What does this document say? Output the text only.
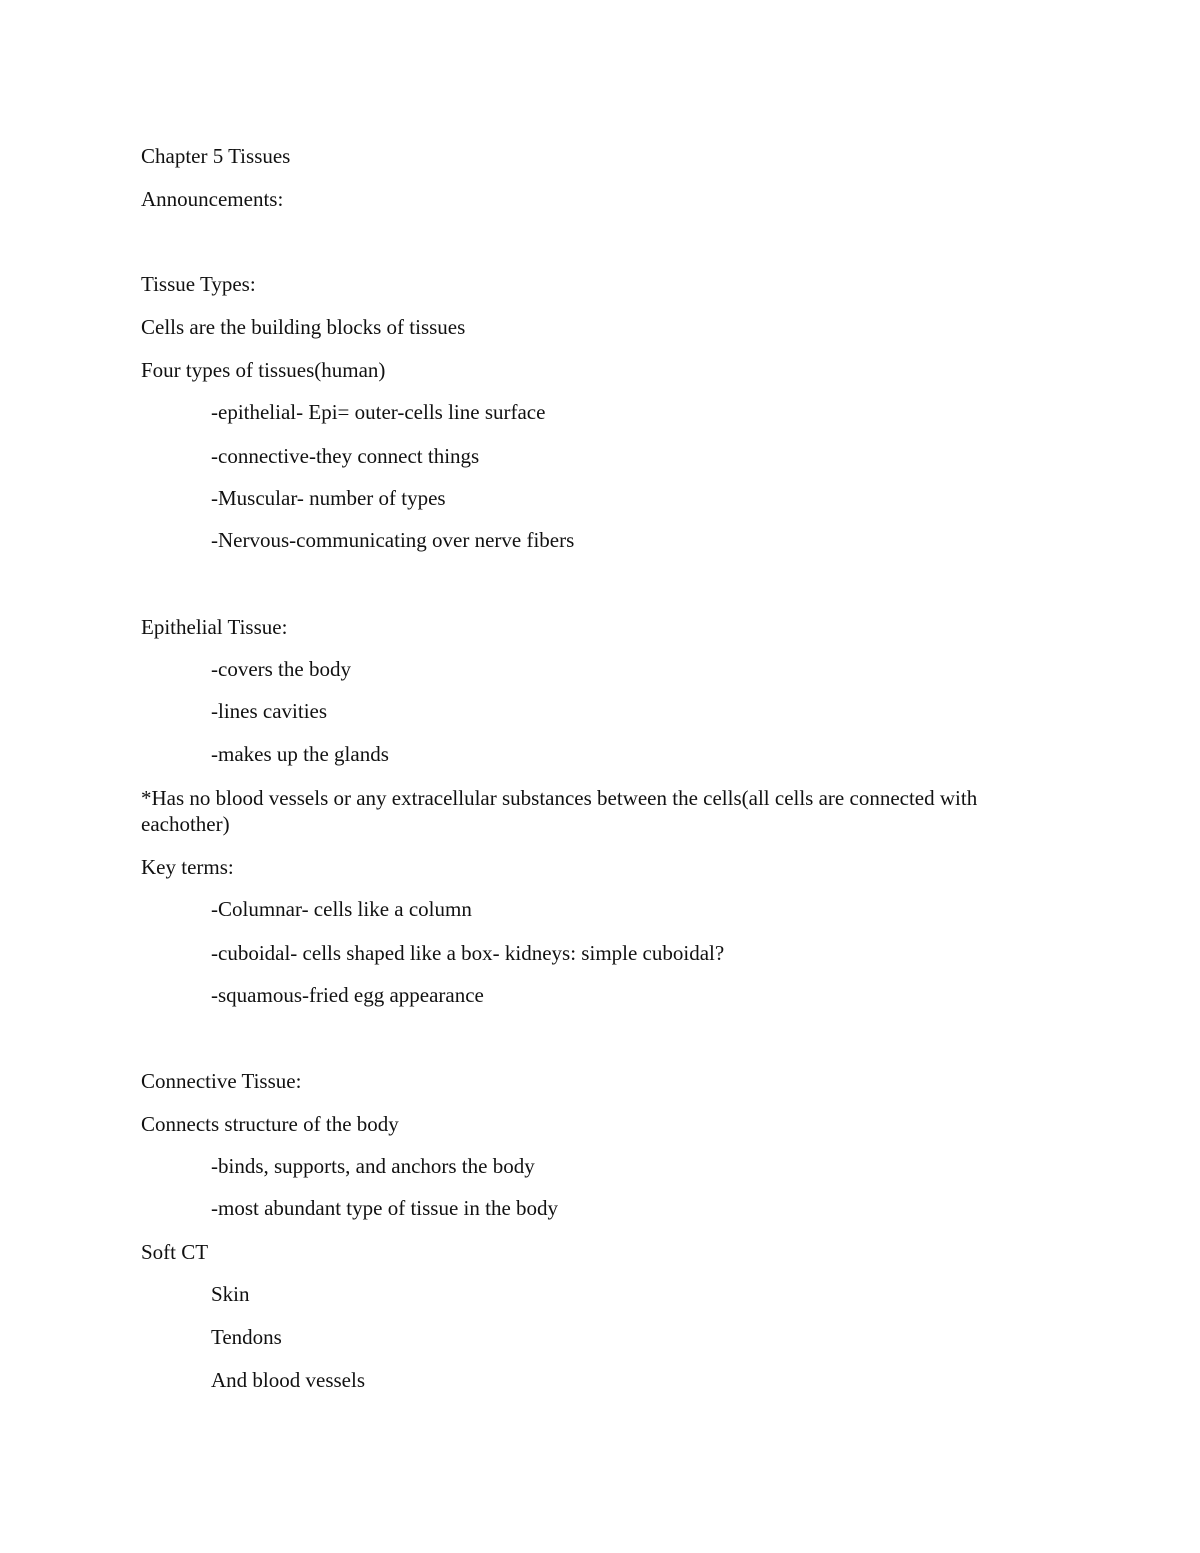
Chapter 5 Tissues
Announcements:
Tissue Types:
Cells are the building blocks of tissues
Four types of tissues(human)
-epithelial- Epi= outer-cells line surface
-connective-they connect things
-Muscular- number of types
-Nervous-communicating over nerve fibers
Epithelial Tissue:
-covers the body
-lines cavities
-makes up the glands
*Has no blood vessels or any extracellular substances between the cells(all cells are connected with eachother)
Key terms:
-Columnar- cells like a column
-cuboidal- cells shaped like a box- kidneys: simple cuboidal?
-squamous-fried egg appearance
Connective Tissue:
Connects structure of the body
-binds, supports, and anchors the body
-most abundant type of tissue in the body
Soft CT
Skin
Tendons
And blood vessels
